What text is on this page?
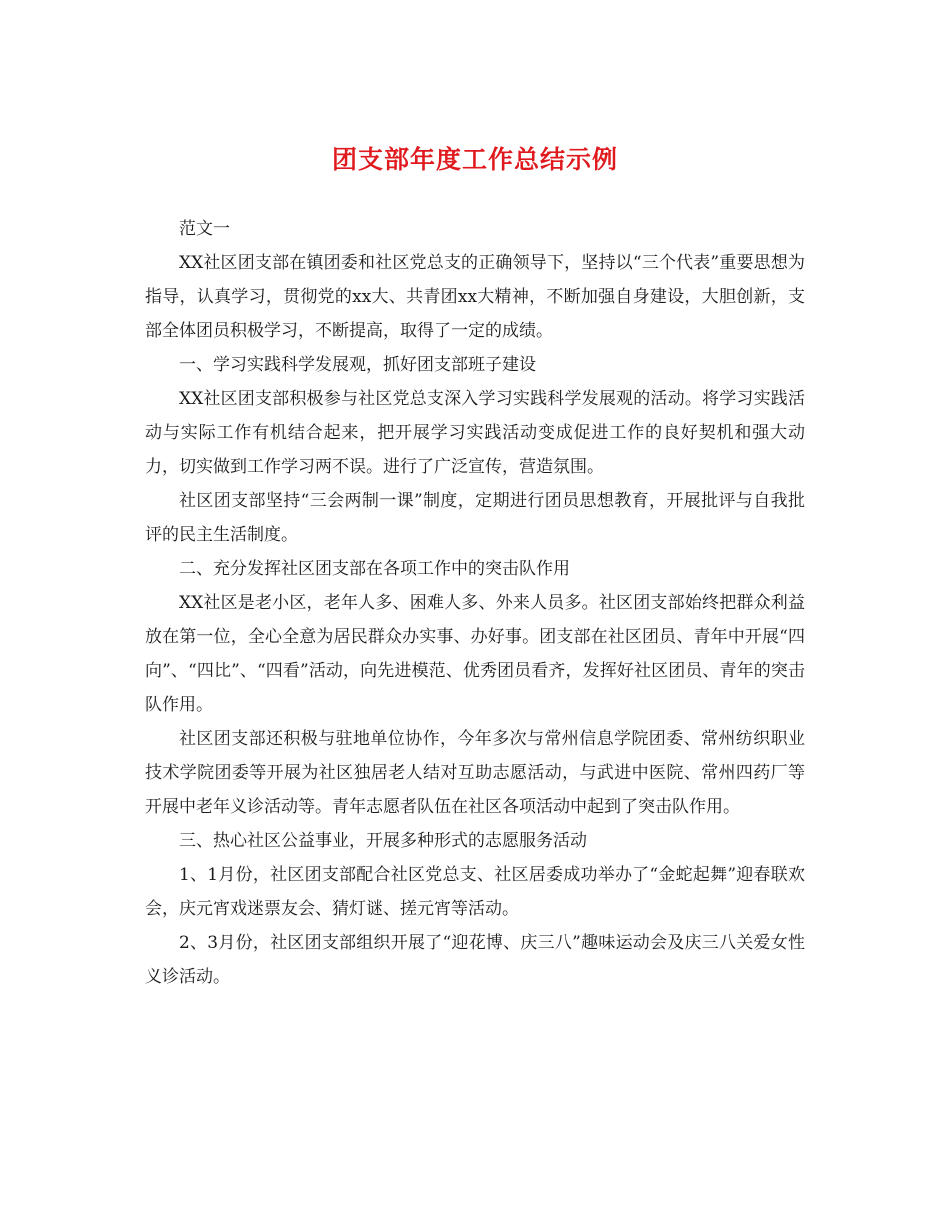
团支部年度工作总结示例

范文一

XX社区团支部在镇团委和社区党总支的正确领导下，坚持以“三个代表”重要思想为指导，认真学习，贯彻党的xx大、共青团xx大精神，不断加强自身建设，大胆创新，支部全体团员积极学习，不断提高，取得了一定的成绩。

一、学习实践科学发展观，抓好团支部班子建设

XX社区团支部积极参与社区党总支深入学习实践科学发展观的活动。将学习实践活动与实际工作有机结合起来，把开展学习实践活动变成促进工作的良好契机和强大动力，切实做到工作学习两不误。进行了广泛宣传，营造氛围。

社区团支部坚持“三会两制一课”制度，定期进行团员思想教育，开展批评与自我批评的民主生活制度。

二、充分发挥社区团支部在各项工作中的突击队作用

XX社区是老小区，老年人多、困难人多、外来人员多。社区团支部始终把群众利益放在第一位，全心全意为居民群众办实事、办好事。团支部在社区团员、青年中开展“四向”、“四比”、“四看”活动，向先进模范、优秀团员看齐，发挥好社区团员、青年的突击队作用。

社区团支部还积极与驻地单位协作，今年多次与常州信息学院团委、常州纺织职业技术学院团委等开展为社区独居老人结对互助志愿活动，与武进中医院、常州四药厂等开展中老年义诊活动等。青年志愿者队伍在社区各项活动中起到了突击队作用。

三、热心社区公益事业，开展多种形式的志愿服务活动

1、1月份，社区团支部配合社区党总支、社区居委成功举办了“金蛇起舞”迎春联欢会，庆元宵戏迷票友会、猜灯谜、搓元宵等活动。

2、3月份，社区团支部组织开展了“迎花博、庆三八”趣味运动会及庆三八关爱女性义诊活动。
